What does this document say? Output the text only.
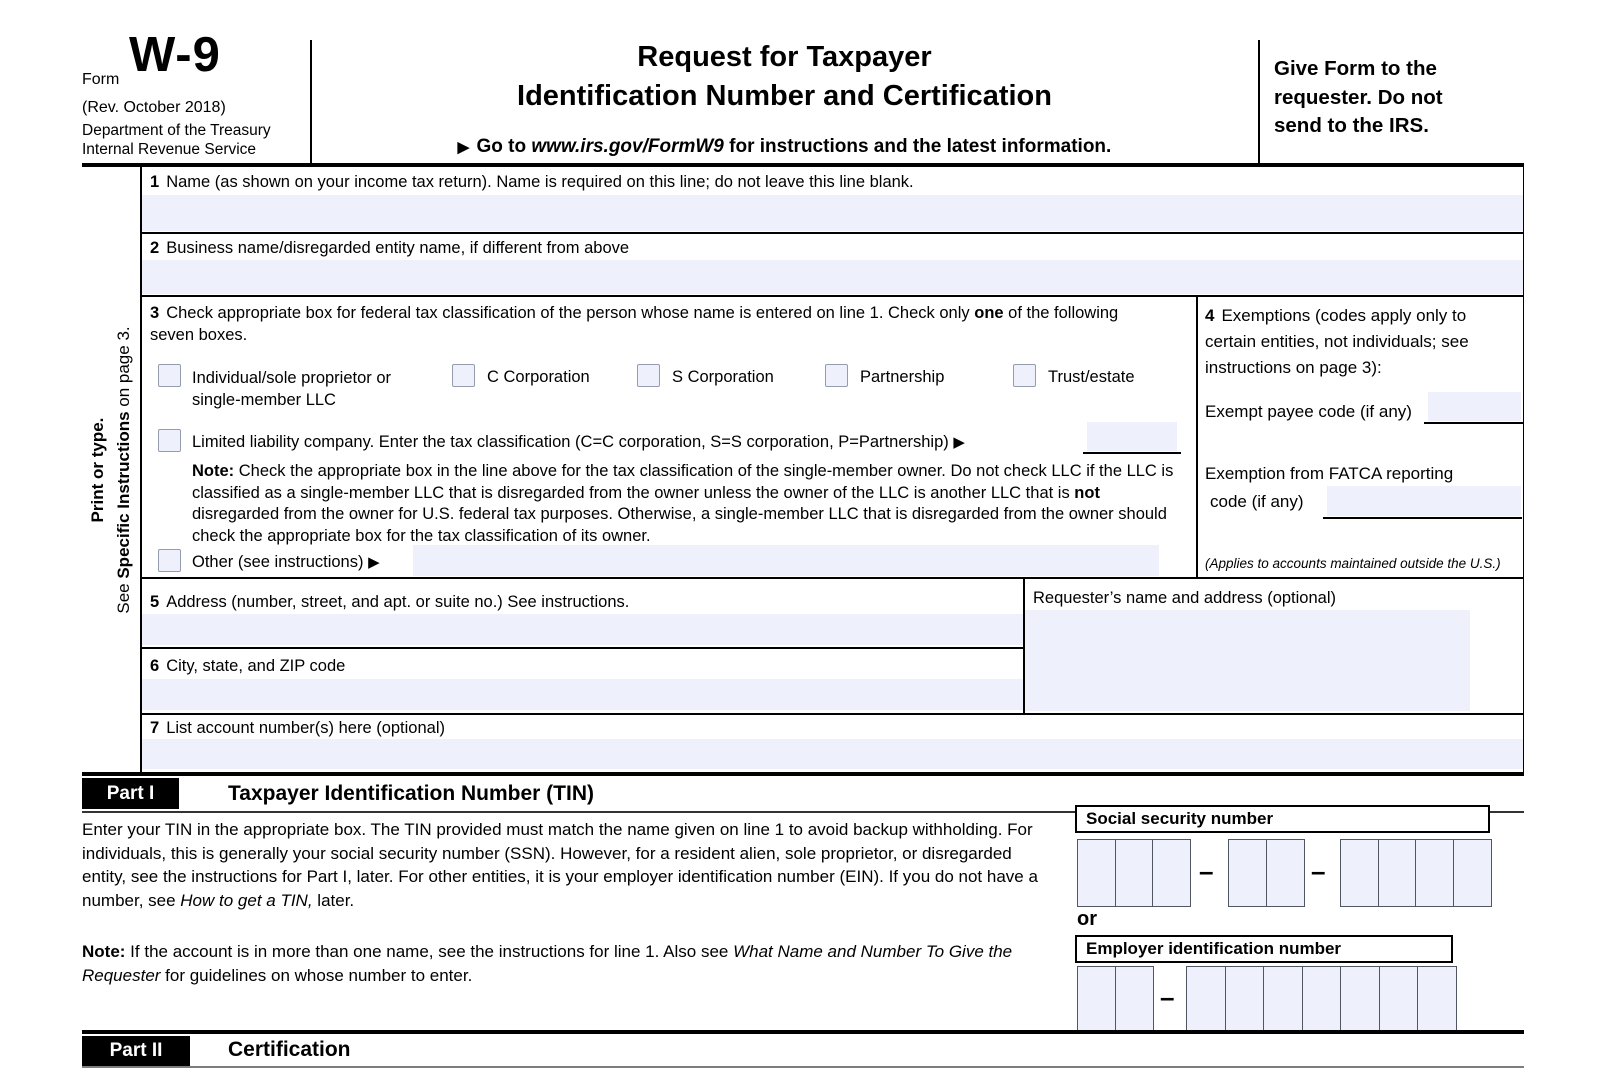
Form W-9
(Rev. October 2018)
Department of the Treasury
Internal Revenue Service
Request for Taxpayer
Identification Number and Certification
▶ Go to www.irs.gov/FormW9 for instructions and the latest information.
Give Form to the requester. Do not send to the IRS.
Print or type.
See Specific Instructions on page 3.
1 Name (as shown on your income tax return). Name is required on this line; do not leave this line blank.
2 Business name/disregarded entity name, if different from above
3 Check appropriate box for federal tax classification of the person whose name is entered on line 1. Check only one of the following seven boxes.
Individual/sole proprietor or single-member LLC
C Corporation	S Corporation	Partnership	Trust/estate
Limited liability company. Enter the tax classification (C=C corporation, S=S corporation, P=Partnership) ▶
Note: Check the appropriate box in the line above for the tax classification of the single-member owner. Do not check LLC if the LLC is classified as a single-member LLC that is disregarded from the owner unless the owner of the LLC is another LLC that is not disregarded from the owner for U.S. federal tax purposes. Otherwise, a single-member LLC that is disregarded from the owner should check the appropriate box for the tax classification of its owner.
Other (see instructions) ▶
4 Exemptions (codes apply only to certain entities, not individuals; see instructions on page 3):
Exempt payee code (if any)
Exemption from FATCA reporting
code (if any)
(Applies to accounts maintained outside the U.S.)
5 Address (number, street, and apt. or suite no.) See instructions.	Requester’s name and address (optional)
6 City, state, and ZIP code
7 List account number(s) here (optional)
Part I	Taxpayer Identification Number (TIN)
Enter your TIN in the appropriate box. The TIN provided must match the name given on line 1 to avoid backup withholding. For individuals, this is generally your social security number (SSN). However, for a resident alien, sole proprietor, or disregarded entity, see the instructions for Part I, later. For other entities, it is your employer identification number (EIN). If you do not have a number, see How to get a TIN, later.
Note: If the account is in more than one name, see the instructions for line 1. Also see What Name and Number To Give the Requester for guidelines on whose number to enter.
Social security number
–	–
or
Employer identification number
–
Part II	Certification
